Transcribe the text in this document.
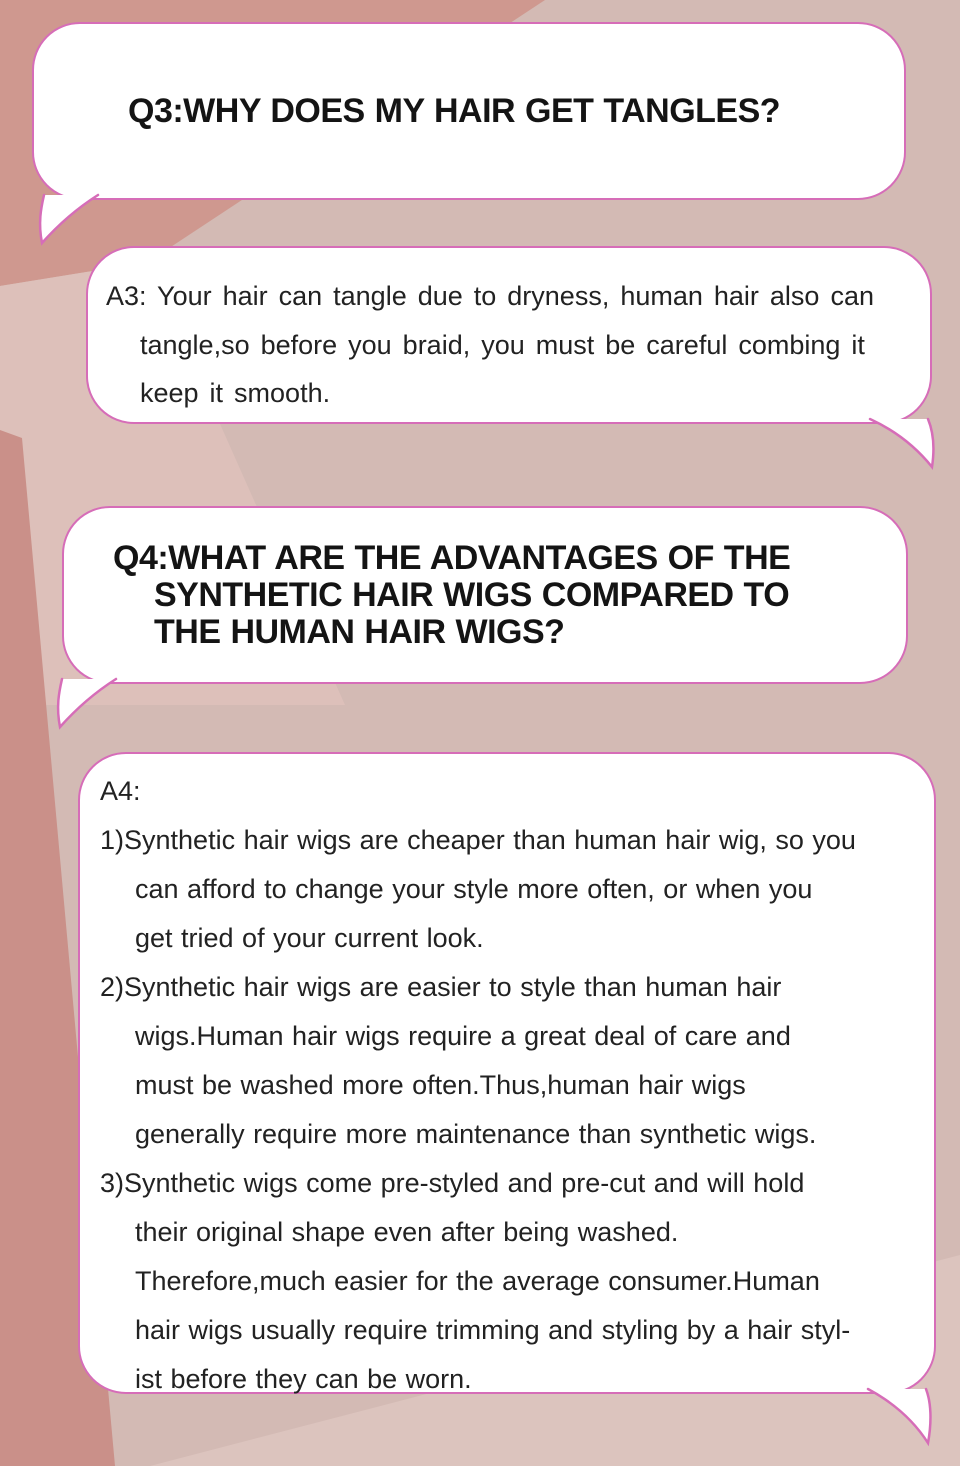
Q3:WHY DOES MY HAIR GET TANGLES?
A3: Your hair can tangle due to dryness, human hair also can
tangle,so before you braid, you must be careful combing it
keep it smooth.
Q4:WHAT ARE THE ADVANTAGES OF THE
SYNTHETIC HAIR WIGS COMPARED TO
THE HUMAN HAIR WIGS?
A4:
1)Synthetic hair wigs are cheaper than human hair wig, so you
can afford to change your style more often, or when you
get tried of your current look.
2)Synthetic hair wigs are easier to style than human hair
wigs.Human hair wigs require a great deal of care and
must be washed more often.Thus,human hair wigs
generally require more maintenance than synthetic wigs.
3)Synthetic wigs come pre-styled and pre-cut and will hold
their original shape even after being washed.
Therefore,much easier for the average consumer.Human
hair wigs usually require trimming and styling by a hair styl-
ist before they can be worn.
